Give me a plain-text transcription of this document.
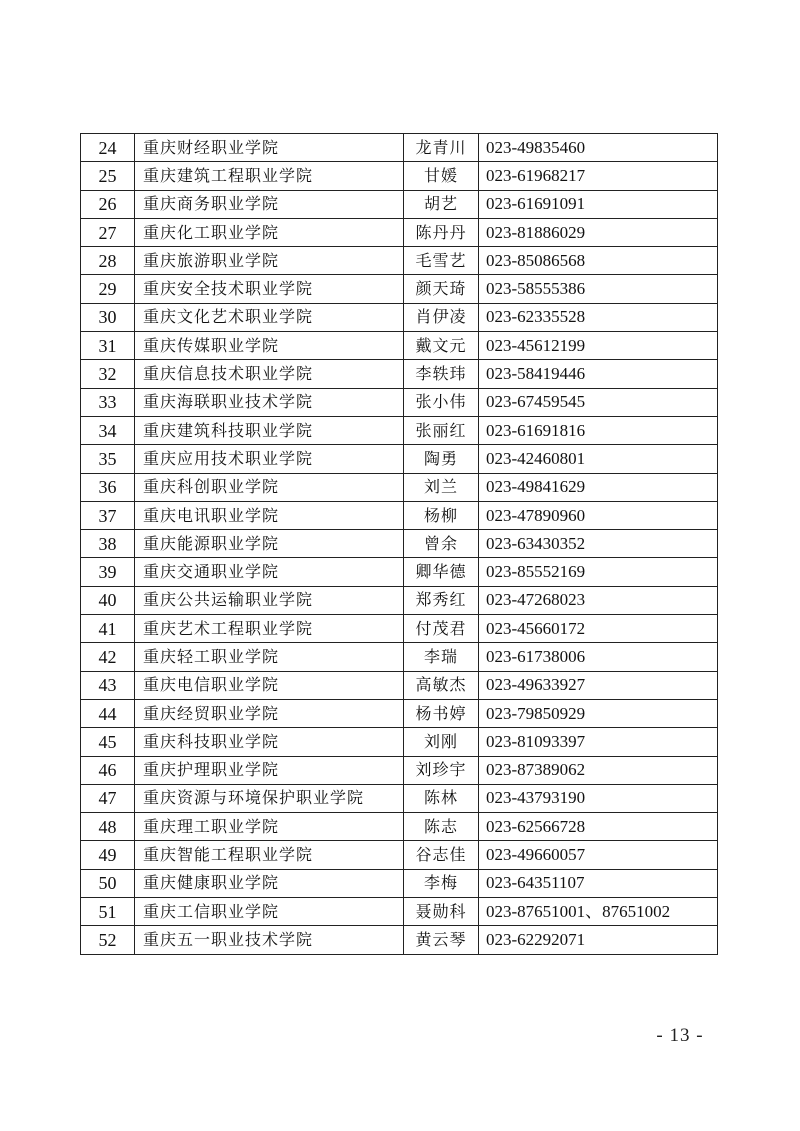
24	重庆财经职业学院	龙青川	023-49835460
25	重庆建筑工程职业学院	甘媛	023-61968217
26	重庆商务职业学院	胡艺	023-61691091
27	重庆化工职业学院	陈丹丹	023-81886029
28	重庆旅游职业学院	毛雪艺	023-85086568
29	重庆安全技术职业学院	颜天琦	023-58555386
30	重庆文化艺术职业学院	肖伊凌	023-62335528
31	重庆传媒职业学院	戴文元	023-45612199
32	重庆信息技术职业学院	李轶玮	023-58419446
33	重庆海联职业技术学院	张小伟	023-67459545
34	重庆建筑科技职业学院	张丽红	023-61691816
35	重庆应用技术职业学院	陶勇	023-42460801
36	重庆科创职业学院	刘兰	023-49841629
37	重庆电讯职业学院	杨柳	023-47890960
38	重庆能源职业学院	曾余	023-63430352
39	重庆交通职业学院	卿华德	023-85552169
40	重庆公共运输职业学院	郑秀红	023-47268023
41	重庆艺术工程职业学院	付茂君	023-45660172
42	重庆轻工职业学院	李瑞	023-61738006
43	重庆电信职业学院	高敏杰	023-49633927
44	重庆经贸职业学院	杨书婷	023-79850929
45	重庆科技职业学院	刘刚	023-81093397
46	重庆护理职业学院	刘珍宇	023-87389062
47	重庆资源与环境保护职业学院	陈林	023-43793190
48	重庆理工职业学院	陈志	023-62566728
49	重庆智能工程职业学院	谷志佳	023-49660057
50	重庆健康职业学院	李梅	023-64351107
51	重庆工信职业学院	聂勋科	023-87651001、87651002
52	重庆五一职业技术学院	黄云琴	023-62292071
- 13 -
